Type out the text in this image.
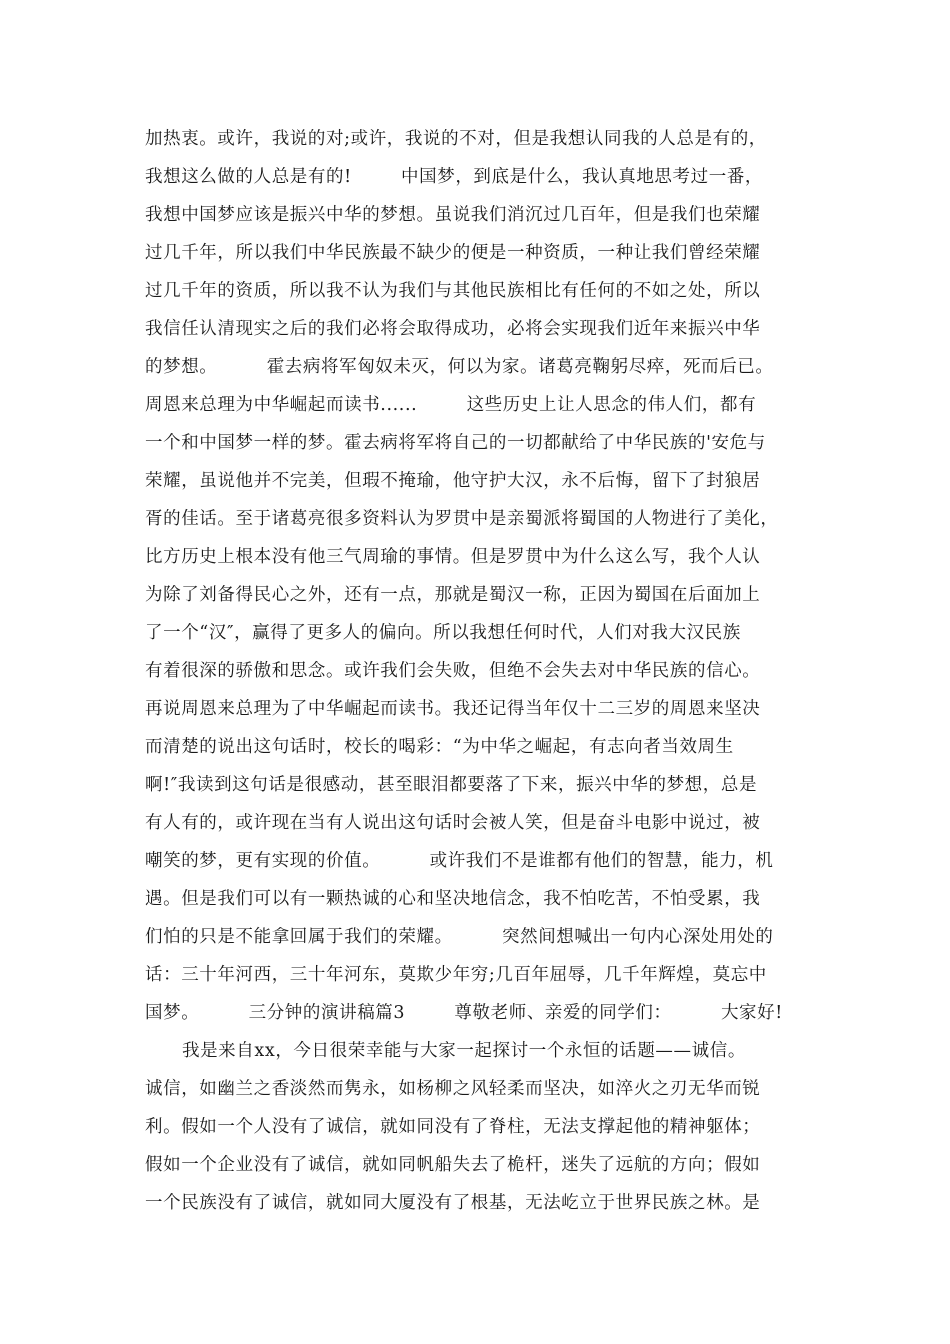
加热衷。或许，我说的对;或许，我说的不对，但是我想认同我的人总是有的，
我想这么做的人总是有的!        中国梦，到底是什么，我认真地思考过一番，
我想中国梦应该是振兴中华的梦想。虽说我们消沉过几百年，但是我们也荣耀
过几千年，所以我们中华民族最不缺少的便是一种资质，一种让我们曾经荣耀
过几千年的资质，所以我不认为我们与其他民族相比有任何的不如之处，所以
我信任认清现实之后的我们必将会取得成功，必将会实现我们近年来振兴中华
的梦想。        霍去病将军匈奴未灭，何以为家。诸葛亮鞠躬尽瘁，死而后已。
周恩来总理为中华崛起而读书......        这些历史上让人思念的伟人们，都有
一个和中国梦一样的梦。霍去病将军将自己的一切都献给了中华民族的'安危与
荣耀，虽说他并不完美，但瑕不掩瑜，他守护大汉，永不后悔，留下了封狼居
胥的佳话。至于诸葛亮很多资料认为罗贯中是亲蜀派将蜀国的人物进行了美化，
比方历史上根本没有他三气周瑜的事情。但是罗贯中为什么这么写，我个人认
为除了刘备得民心之外，还有一点，那就是蜀汉一称，正因为蜀国在后面加上
了一个“汉″，赢得了更多人的偏向。所以我想任何时代，人们对我大汉民族
有着很深的骄傲和思念。或许我们会失败，但绝不会失去对中华民族的信心。
再说周恩来总理为了中华崛起而读书。我还记得当年仅十二三岁的周恩来坚决
而清楚的说出这句话时，校长的喝彩：“为中华之崛起，有志向者当效周生
啊!″我读到这句话是很感动，甚至眼泪都要落了下来，振兴中华的梦想，总是
有人有的，或许现在当有人说出这句话时会被人笑，但是奋斗电影中说过，被
嘲笑的梦，更有实现的价值。        或许我们不是谁都有他们的智慧，能力，机
遇。但是我们可以有一颗热诚的心和坚决地信念，我不怕吃苦，不怕受累，我
们怕的只是不能拿回属于我们的荣耀。        突然间想喊出一句内心深处用处的
话：三十年河西，三十年河东，莫欺少年穷;几百年屈辱，几千年辉煌，莫忘中
国梦。        三分钟的演讲稿篇3        尊敬老师、亲爱的同学们：        大家好!
我是来自xx，今日很荣幸能与大家一起探讨一个永恒的话题——诚信。
诚信，如幽兰之香淡然而隽永，如杨柳之风轻柔而坚决，如淬火之刃无华而锐
利。假如一个人没有了诚信，就如同没有了脊柱，无法支撑起他的精神躯体；
假如一个企业没有了诚信，就如同帆船失去了桅杆，迷失了远航的方向；假如
一个民族没有了诚信，就如同大厦没有了根基，无法屹立于世界民族之林。是
